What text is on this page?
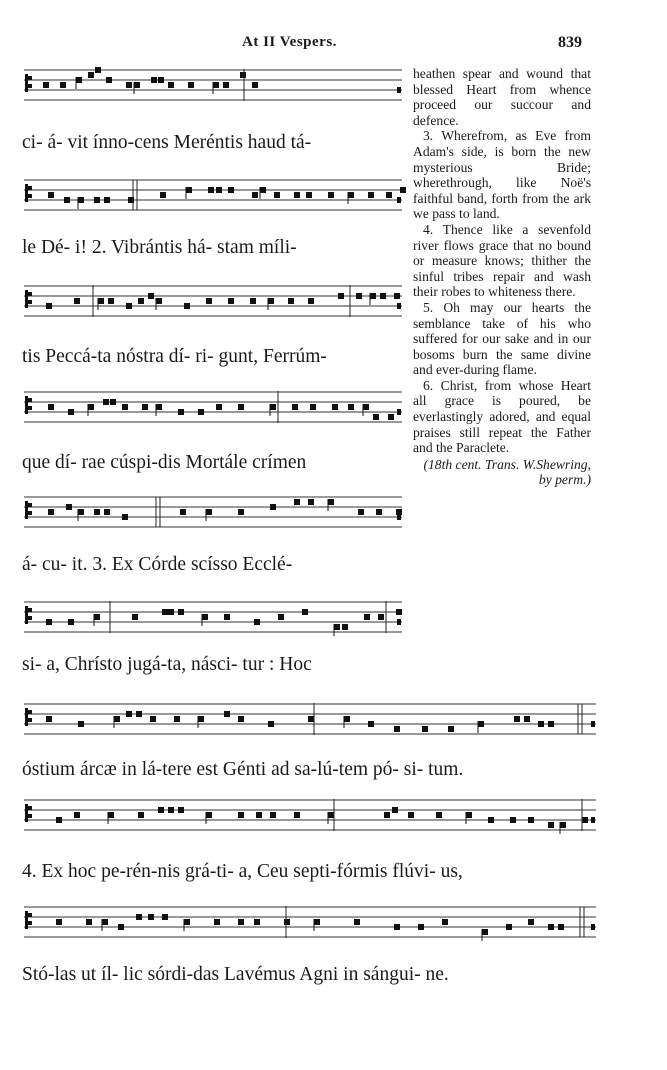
At II Vespers.	839
ci- á- vit ínno-cens Meréntis haud tá-
le Dé- i! 2. Vibrántis há- stam míli-
tis Peccá-ta nóstra dí- ri- gunt, Ferrúm-
que dí- rae cúspi-dis Mortále crímen
á- cu- it. 3. Ex Córde scísso Ecclé-
si- a, Chrísto jugá-ta, násci- tur : Hoc
óstium árcæ in lá-tere est Génti ad sa-lú-tem pó- si- tum.
4. Ex hoc pe-rén-nis grá-ti- a, Ceu septi-fórmis flúvi- us,
Stó-las ut íl- lic sórdi-das Lavémus Agni in sángui- ne.

heathen spear and wound that blessed Heart from whence proceed our succour and defence.

3. Wherefrom, as Eve from Adam's side, is born the new mysterious Bride; wherethrough, like Noë's faithful band, forth from the ark we pass to land.

4. Thence like a sevenfold river flows grace that no bound or measure knows; thither the sinful tribes repair and wash their robes to whiteness there.

5. Oh may our hearts the semblance take of his who suffered for our sake and in our bosoms burn the same divine and ever-during flame.

6. Christ, from whose Heart all grace is poured, be everlastingly adored, and equal praises still repeat the Father and the Paraclete.

(18th cent. Trans. W.Shewring, by perm.)
